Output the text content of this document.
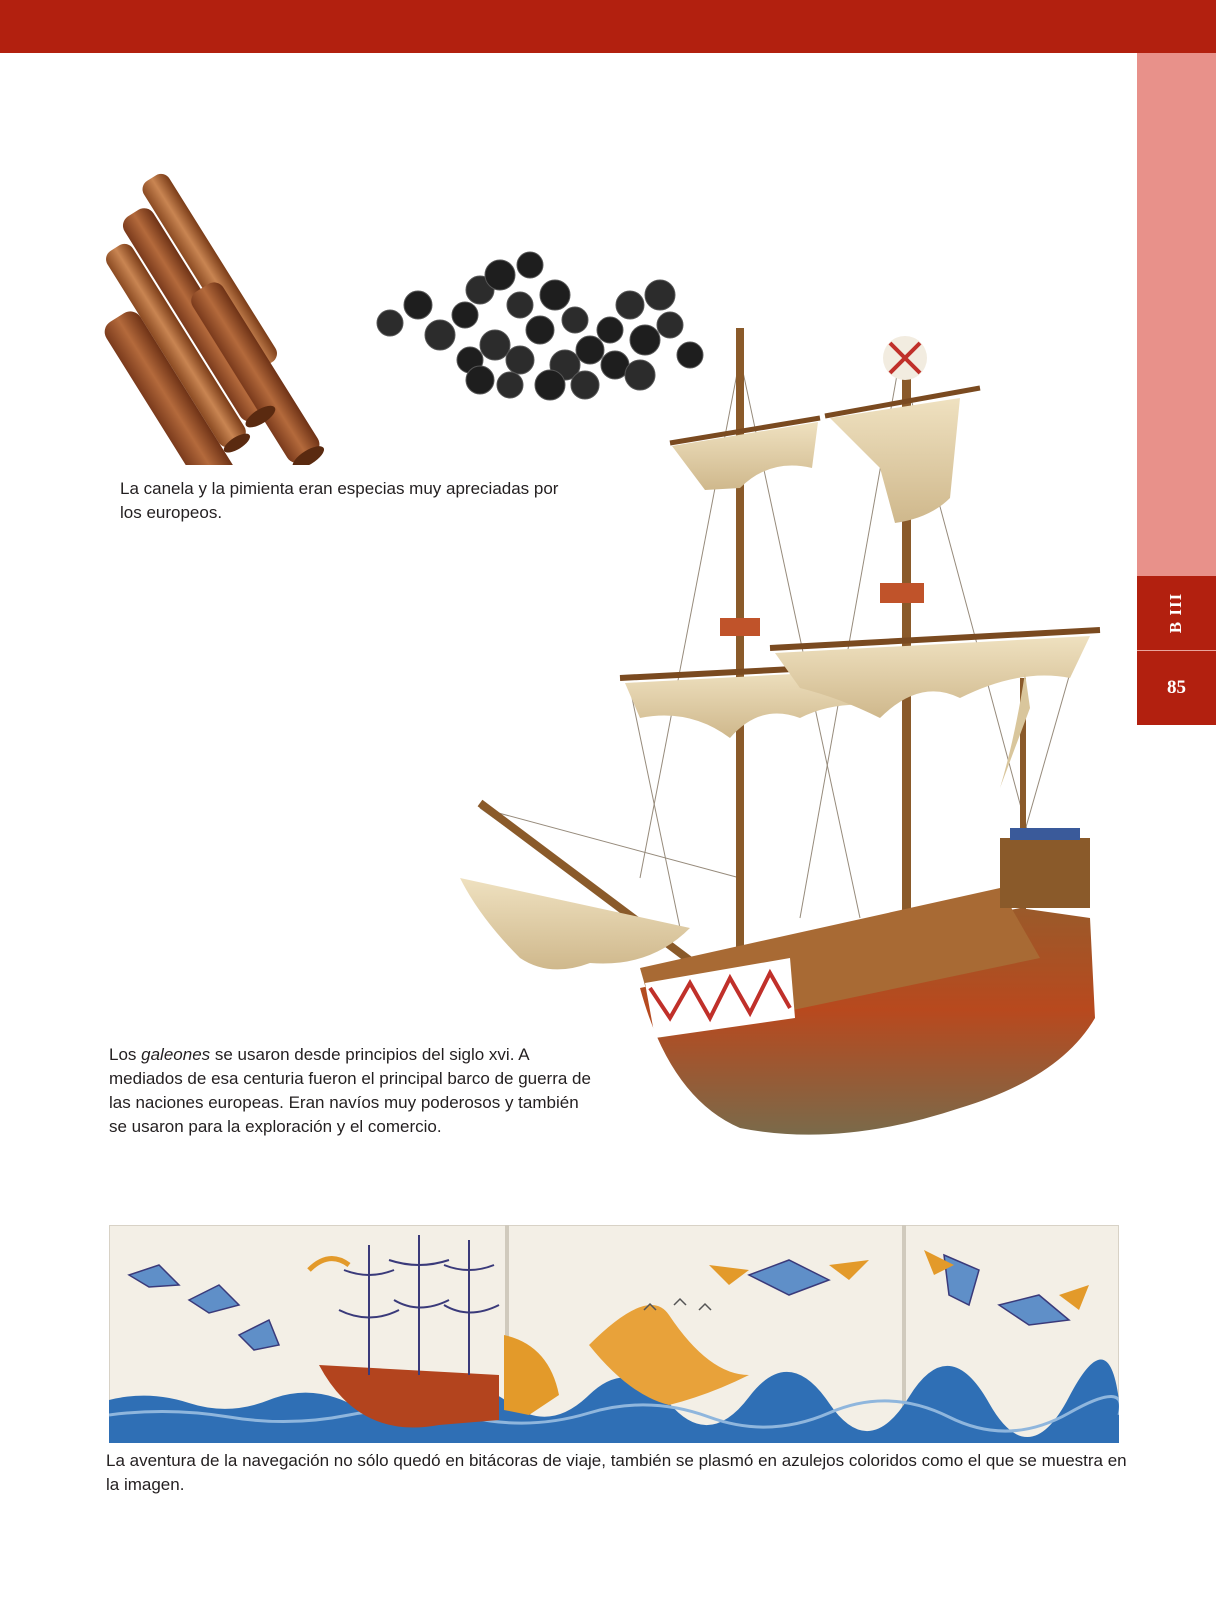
B III
85

La canela y la pimienta eran especias muy apreciadas por los europeos.

Los galeones se usaron desde principios del siglo xvi. A mediados de esa centuria fueron el principal barco de guerra de las naciones europeas. Eran navíos muy poderosos y también se usaron para la exploración y el comercio.

La aventura de la navegación no sólo quedó en bitácoras de viaje, también se plasmó en azulejos coloridos como el que se muestra en la imagen.
